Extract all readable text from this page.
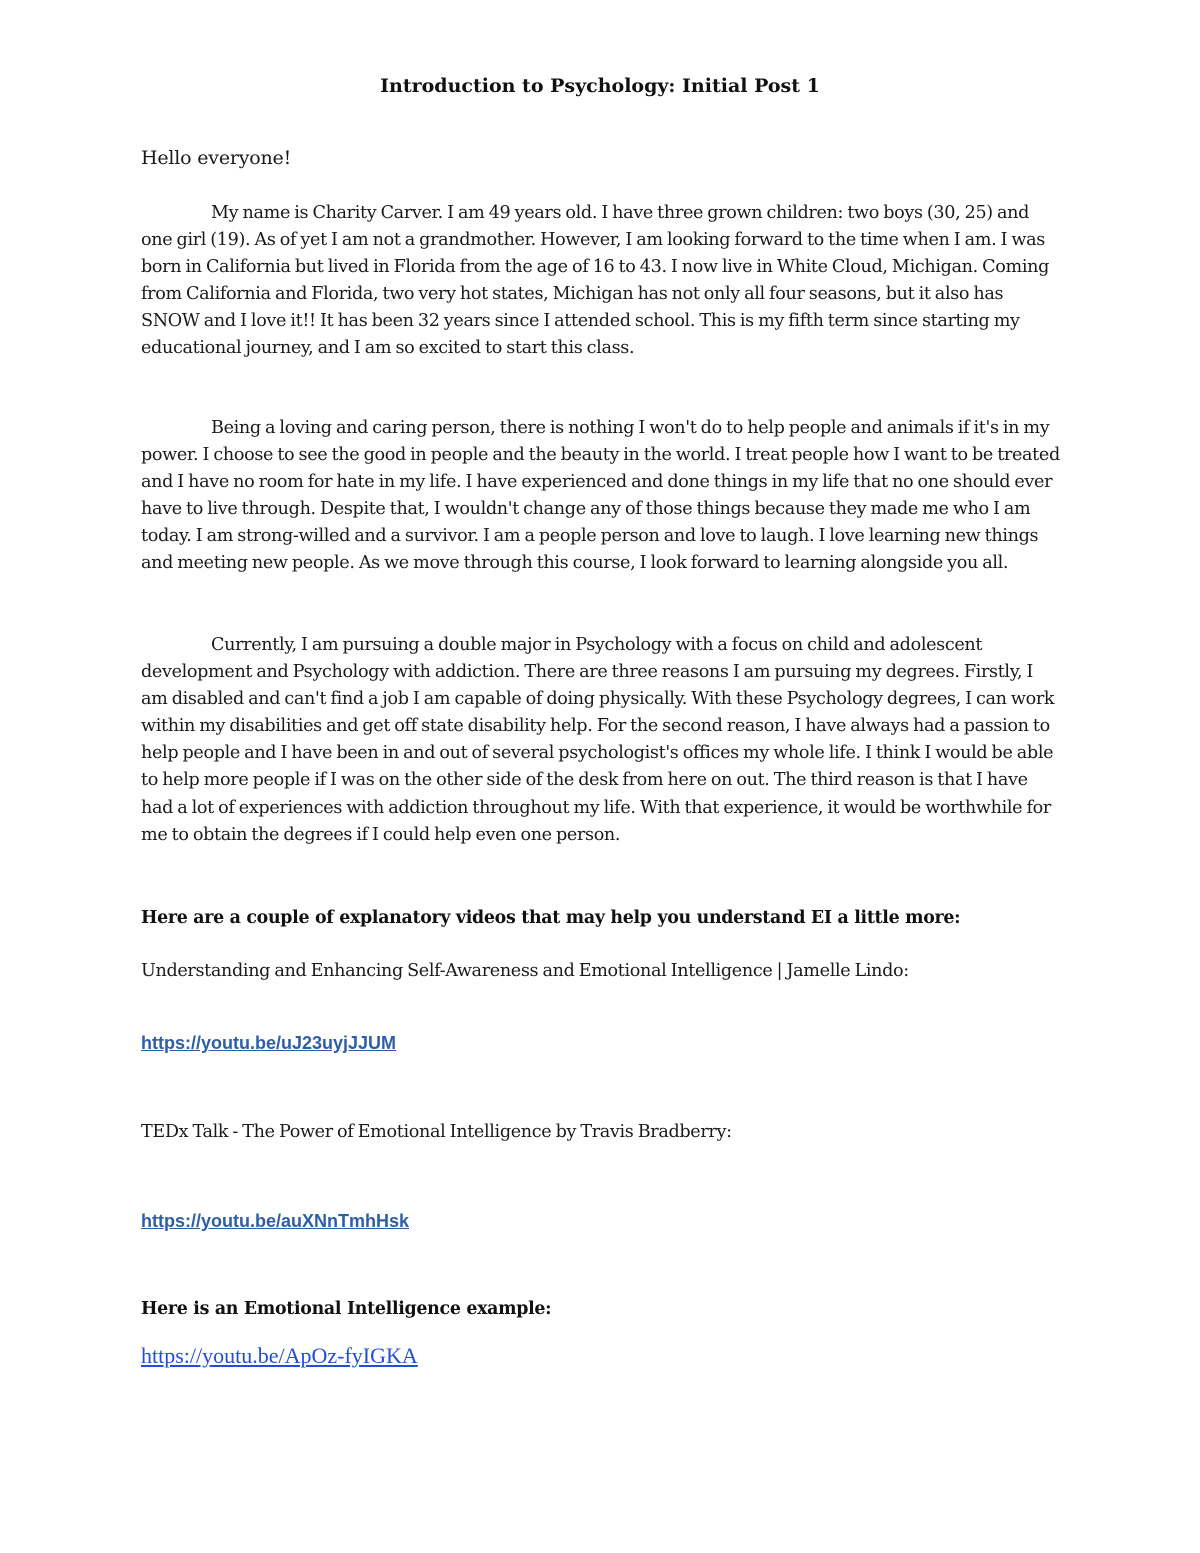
Introduction to Psychology: Initial Post 1
Hello everyone!

My name is Charity Carver. I am 49 years old. I have three grown children: two boys (30, 25) and one girl (19). As of yet I am not a grandmother. However, I am looking forward to the time when I am. I was born in California but lived in Florida from the age of 16 to 43. I now live in White Cloud, Michigan. Coming from California and Florida, two very hot states, Michigan has not only all four seasons, but it also has SNOW and I love it!! It has been 32 years since I attended school. This is my fifth term since starting my educational journey, and I am so excited to start this class.

Being a loving and caring person, there is nothing I won't do to help people and animals if it's in my power. I choose to see the good in people and the beauty in the world. I treat people how I want to be treated and I have no room for hate in my life. I have experienced and done things in my life that no one should ever have to live through. Despite that, I wouldn't change any of those things because they made me who I am today. I am strong-willed and a survivor. I am a people person and love to laugh. I love learning new things and meeting new people. As we move through this course, I look forward to learning alongside you all.

Currently, I am pursuing a double major in Psychology with a focus on child and adolescent development and Psychology with addiction. There are three reasons I am pursuing my degrees. Firstly, I am disabled and can't find a job I am capable of doing physically. With these Psychology degrees, I can work within my disabilities and get off state disability help. For the second reason, I have always had a passion to help people and I have been in and out of several psychologist's offices my whole life. I think I would be able to help more people if I was on the other side of the desk from here on out. The third reason is that I have had a lot of experiences with addiction throughout my life. With that experience, it would be worthwhile for me to obtain the degrees if I could help even one person.

Here are a couple of explanatory videos that may help you understand EI a little more:
Understanding and Enhancing Self-Awareness and Emotional Intelligence | Jamelle Lindo:
https://youtu.be/uJ23uyjJJUM
TEDx Talk - The Power of Emotional Intelligence by Travis Bradberry:
https://youtu.be/auXNnTmhHsk
Here is an Emotional Intelligence example:
https://youtu.be/ApOz-fyIGKA
